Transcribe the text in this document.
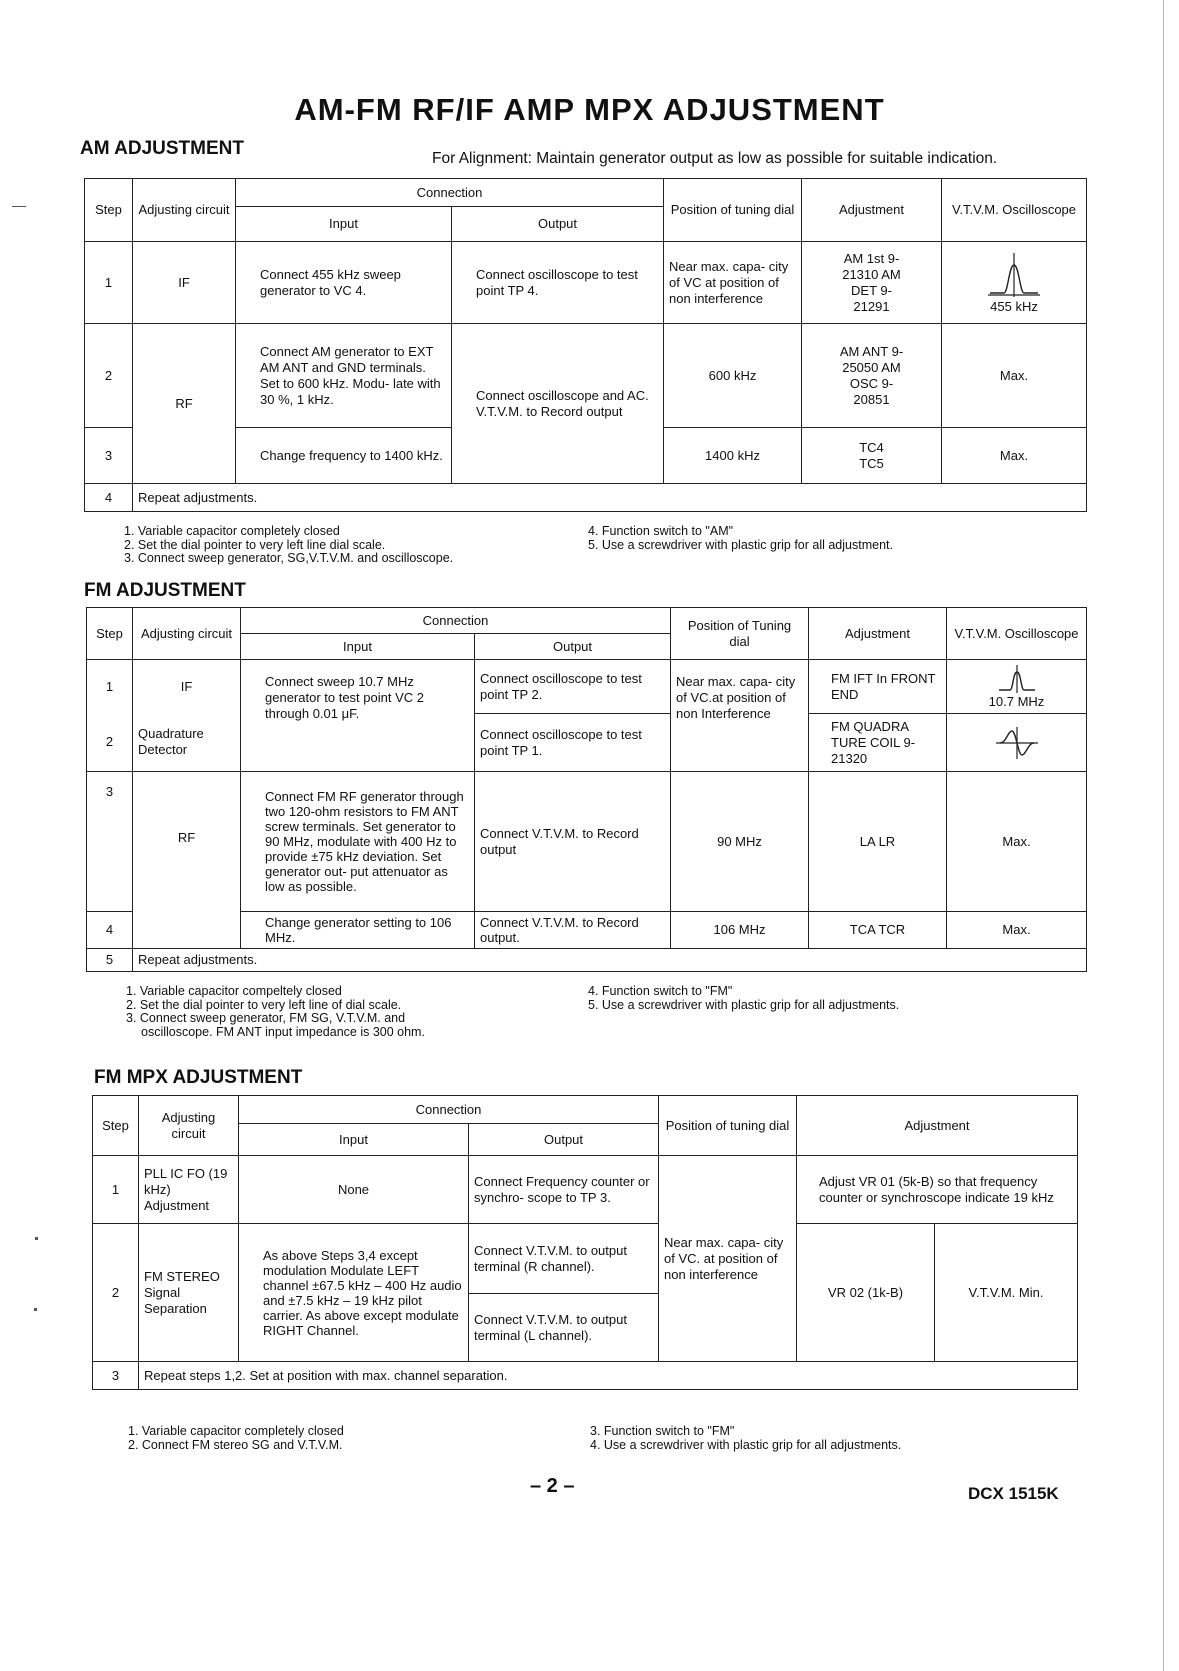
AM-FM RF/IF AMP MPX ADJUSTMENT
AM ADJUSTMENT	For Alignment: Maintain generator output as low as possible for suitable indication.
Step	Adjusting circuit	Connection		Position of tuning dial	Adjustment	V.T.V.M. Oscilloscope
		Input	Output			
1	IF	Connect 455 kHz sweep generator to VC 4.	Connect oscilloscope to test point TP 4.	Near max. capa- city of VC at position of non interference	AM 1st 9-21310 AM DET 9-21291	455 kHz

2	RF	Connect AM generator to EXT AM ANT and GND terminals. Set to 600 kHz. Modu- late with 30 %, 1 kHz.	Connect oscilloscope and AC. V.T.V.M. to Record output	600 kHz	AM ANT 9-25050 AM OSC 9-20851	Max.
3		Change frequency to 1400 kHz.		1400 kHz	TC4 TC5	Max.
4	Repeat adjustments.					
1. Variable capacitor completely closed
2. Set the dial pointer to very left line dial scale.
3. Connect sweep generator, SG,V.T.V.M. and oscilloscope.
4. Function switch to "AM"
5. Use a screwdriver with plastic grip for all adjustment.
FM ADJUSTMENT
Step	Adjusting circuit	Connection		Position of Tuning dial	Adjustment	V.T.V.M. Oscilloscope
		Input	Output			
1	IF	Connect sweep 10.7 MHz generator to test point VC 2 through 0.01 μF.	Connect oscilloscope to test point TP 2.	Near max. capa- city of VC.at position of non Interference	FM IFT In FRONT END	10.7 MHz

2	Quadrature Detector		Connect oscilloscope to test point TP 1.		FM QUADRA TURE COIL 9-21320	

3	RF	Connect FM RF generator through two 120-ohm resistors to FM ANT screw terminals. Set generator to 90 MHz, modulate with 400 Hz to provide ±75 kHz deviation. Set generator out- put attenuator as low as possible.	Connect V.T.V.M. to Record output	90 MHz	LA LR	Max.
4		Change generator setting to 106 MHz.	Connect V.T.V.M. to Record output.	106 MHz	TCA TCR	Max.
5	Repeat adjustments.					
1. Variable capacitor compeltely closed
2. Set the dial pointer to very left line of dial scale.
3. Connect sweep generator, FM SG, V.T.V.M. and
oscilloscope. FM ANT input impedance is 300 ohm.
4. Function switch to "FM"
5. Use a screwdriver with plastic grip for all adjustments.
FM MPX ADJUSTMENT
Step	Adjusting circuit	Connection		Position of tuning dial	Adjustment	
		Input	Output			
1	PLL IC FO (19 kHz) Adjustment	None	Connect Frequency counter or synchro- scope to TP 3.	Near max. capa- city of VC. at position of non interference	Adjust VR 01 (5k-B) so that frequency counter or synchroscope indicate 19 kHz	
2	FM STEREO Signal Separation	As above Steps 3,4 except modulation Modulate LEFT channel ±67.5 kHz – 400 Hz audio and ±7.5 kHz – 19 kHz pilot carrier. As above except modulate RIGHT Channel.	Connect V.T.V.M. to output terminal (R channel).		VR 02 (1k-B)	V.T.V.M. Min.
			Connect V.T.V.M. to output terminal (L channel).			
3	Repeat steps 1,2. Set at position with max. channel separation.					
1. Variable capacitor completely closed
2. Connect FM stereo SG and V.T.V.M.
3. Function switch to "FM"
4. Use a screwdriver with plastic grip for all adjustments.
– 2 –	DCX 1515K
